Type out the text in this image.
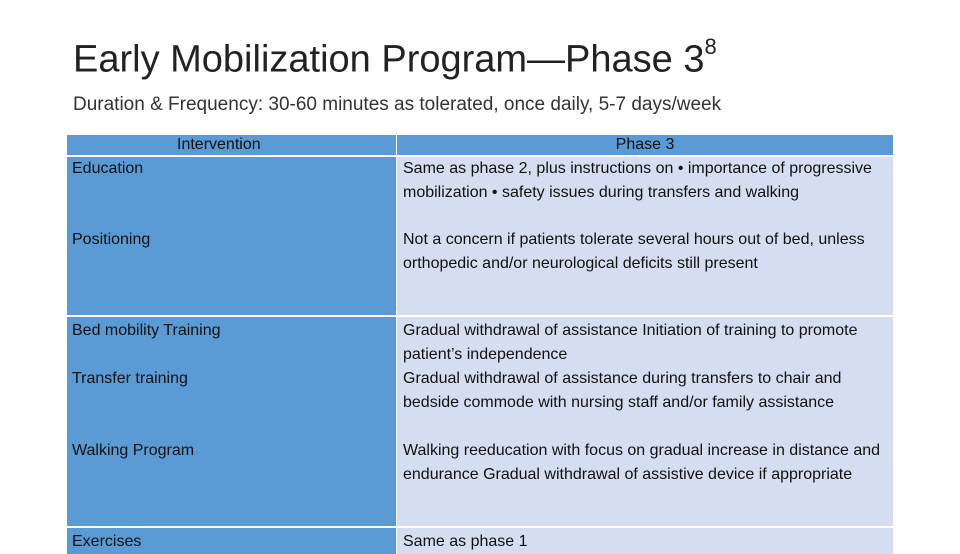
Early Mobilization Program—Phase $3^8$
Duration & Frequency: 30-60 minutes as tolerated, once daily, 5-7 days/week
Intervention	Phase 3
Education	Same as phase 2, plus instructions on • importance of progressive mobilization • safety issues during transfers and walking
Positioning	Not a concern if patients tolerate several hours out of bed, unless orthopedic and/or neurological deficits still present
Bed mobility Training	Gradual withdrawal of assistance Initiation of training to promote patient’s independence
Transfer training	Gradual withdrawal of assistance during transfers to chair and bedside commode with nursing staff and/or family assistance
Walking Program	Walking reeducation with focus on gradual increase in distance and endurance Gradual withdrawal of assistive device if appropriate
Exercises	Same as phase 1
